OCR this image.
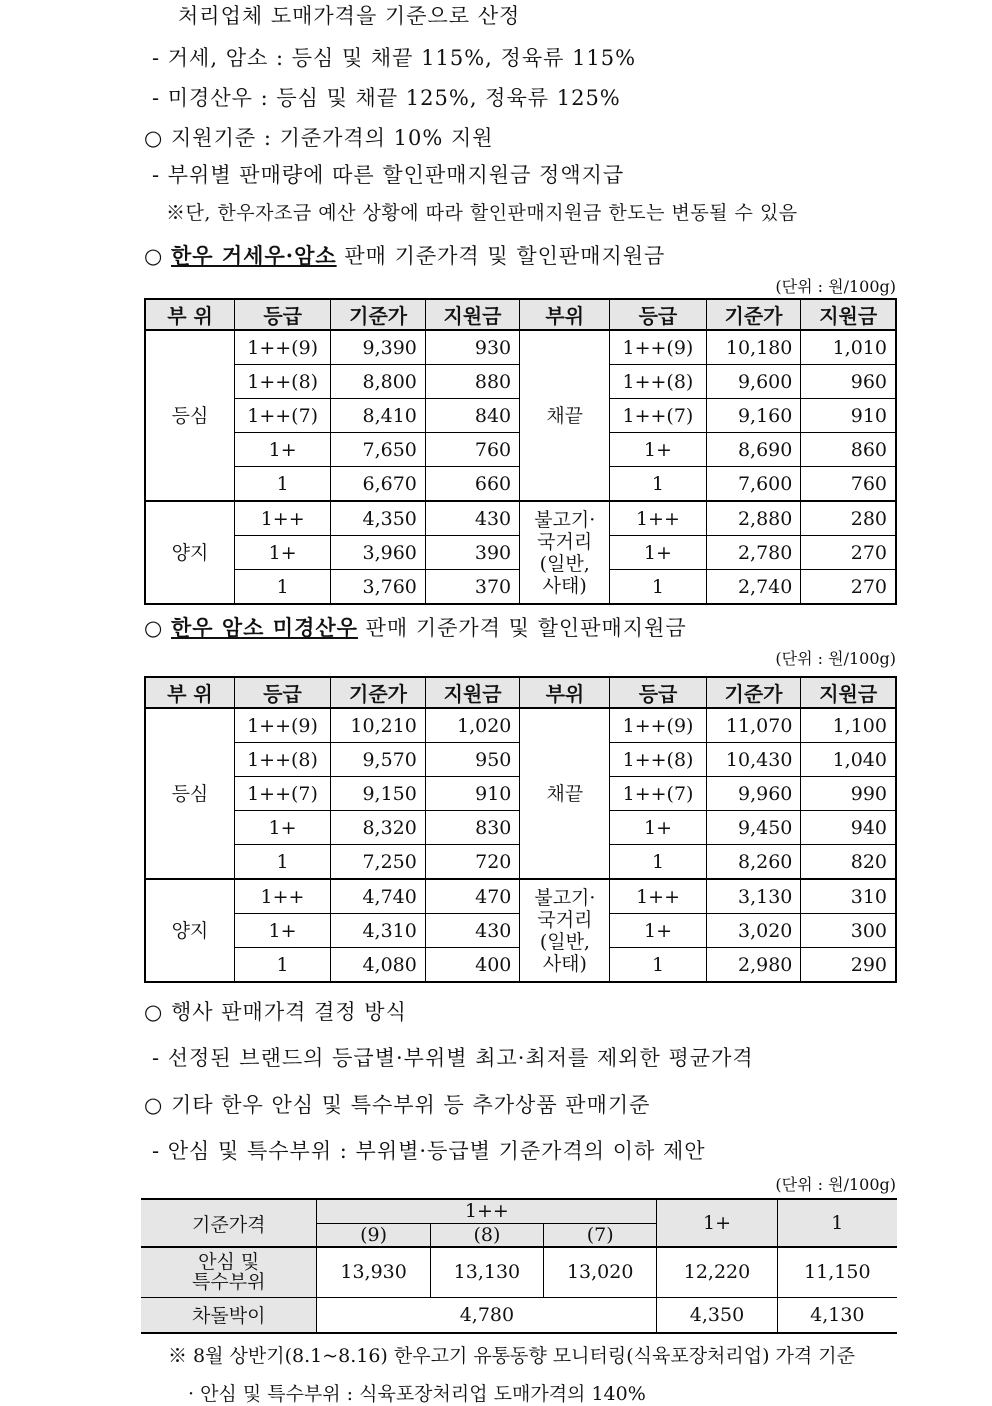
처리업체 도매가격을 기준으로 산정
- 거세, 암소 : 등심 및 채끝 115%, 정육류 115%
- 미경산우 : 등심 및 채끝 125%, 정육류 125%
○ 지원기준 : 기준가격의 10% 지원
- 부위별 판매량에 따른 할인판매지원금 정액지급
※단, 한우자조금 예산 상황에 따라 할인판매지원금 한도는 변동될 수 있음
○ 한우 거세우·암소 판매 기준가격 및 할인판매지원금
(단위 : 원/100g)
부 위	등급	기준가	지원금	부위	등급	기준가	지원금
등심	1++(9)	9,390	930	채끝	1++(9)	10,180	1,010
	1++(8)	8,800	880		1++(8)	9,600	960
	1++(7)	8,410	840		1++(7)	9,160	910
	1+	7,650	760		1+	8,690	860
	1	6,670	660		1	7,600	760
양지	1++	4,350	430	불고기·
국거리
(일반,
사태)	1++	2,880	280
	1+	3,960	390		1+	2,780	270
	1	3,760	370		1	2,740	270
○ 한우 암소 미경산우 판매 기준가격 및 할인판매지원금
(단위 : 원/100g)
부 위	등급	기준가	지원금	부위	등급	기준가	지원금
등심	1++(9)	10,210	1,020	채끝	1++(9)	11,070	1,100
	1++(8)	9,570	950		1++(8)	10,430	1,040
	1++(7)	9,150	910		1++(7)	9,960	990
	1+	8,320	830		1+	9,450	940
	1	7,250	720		1	8,260	820
양지	1++	4,740	470	불고기·
국거리
(일반,
사태)	1++	3,130	310
	1+	4,310	430		1+	3,020	300
	1	4,080	400		1	2,980	290
○ 행사 판매가격 결정 방식
- 선정된 브랜드의 등급별·부위별 최고·최저를 제외한 평균가격
○ 기타 한우 안심 및 특수부위 등 추가상품 판매기준
- 안심 및 특수부위 : 부위별·등급별 기준가격의 이하 제안
(단위 : 원/100g)
기준가격	1++			1+	1
	(9)	(8)	(7)		
안심 및
특수부위	13,930	13,130	13,020	12,220	11,150
차돌박이	4,780			4,350	4,130
※ 8월 상반기(8.1~8.16) 한우고기 유통동향 모니터링(식육포장처리업) 가격 기준
· 안심 및 특수부위 : 식육포장처리업 도매가격의 140%
